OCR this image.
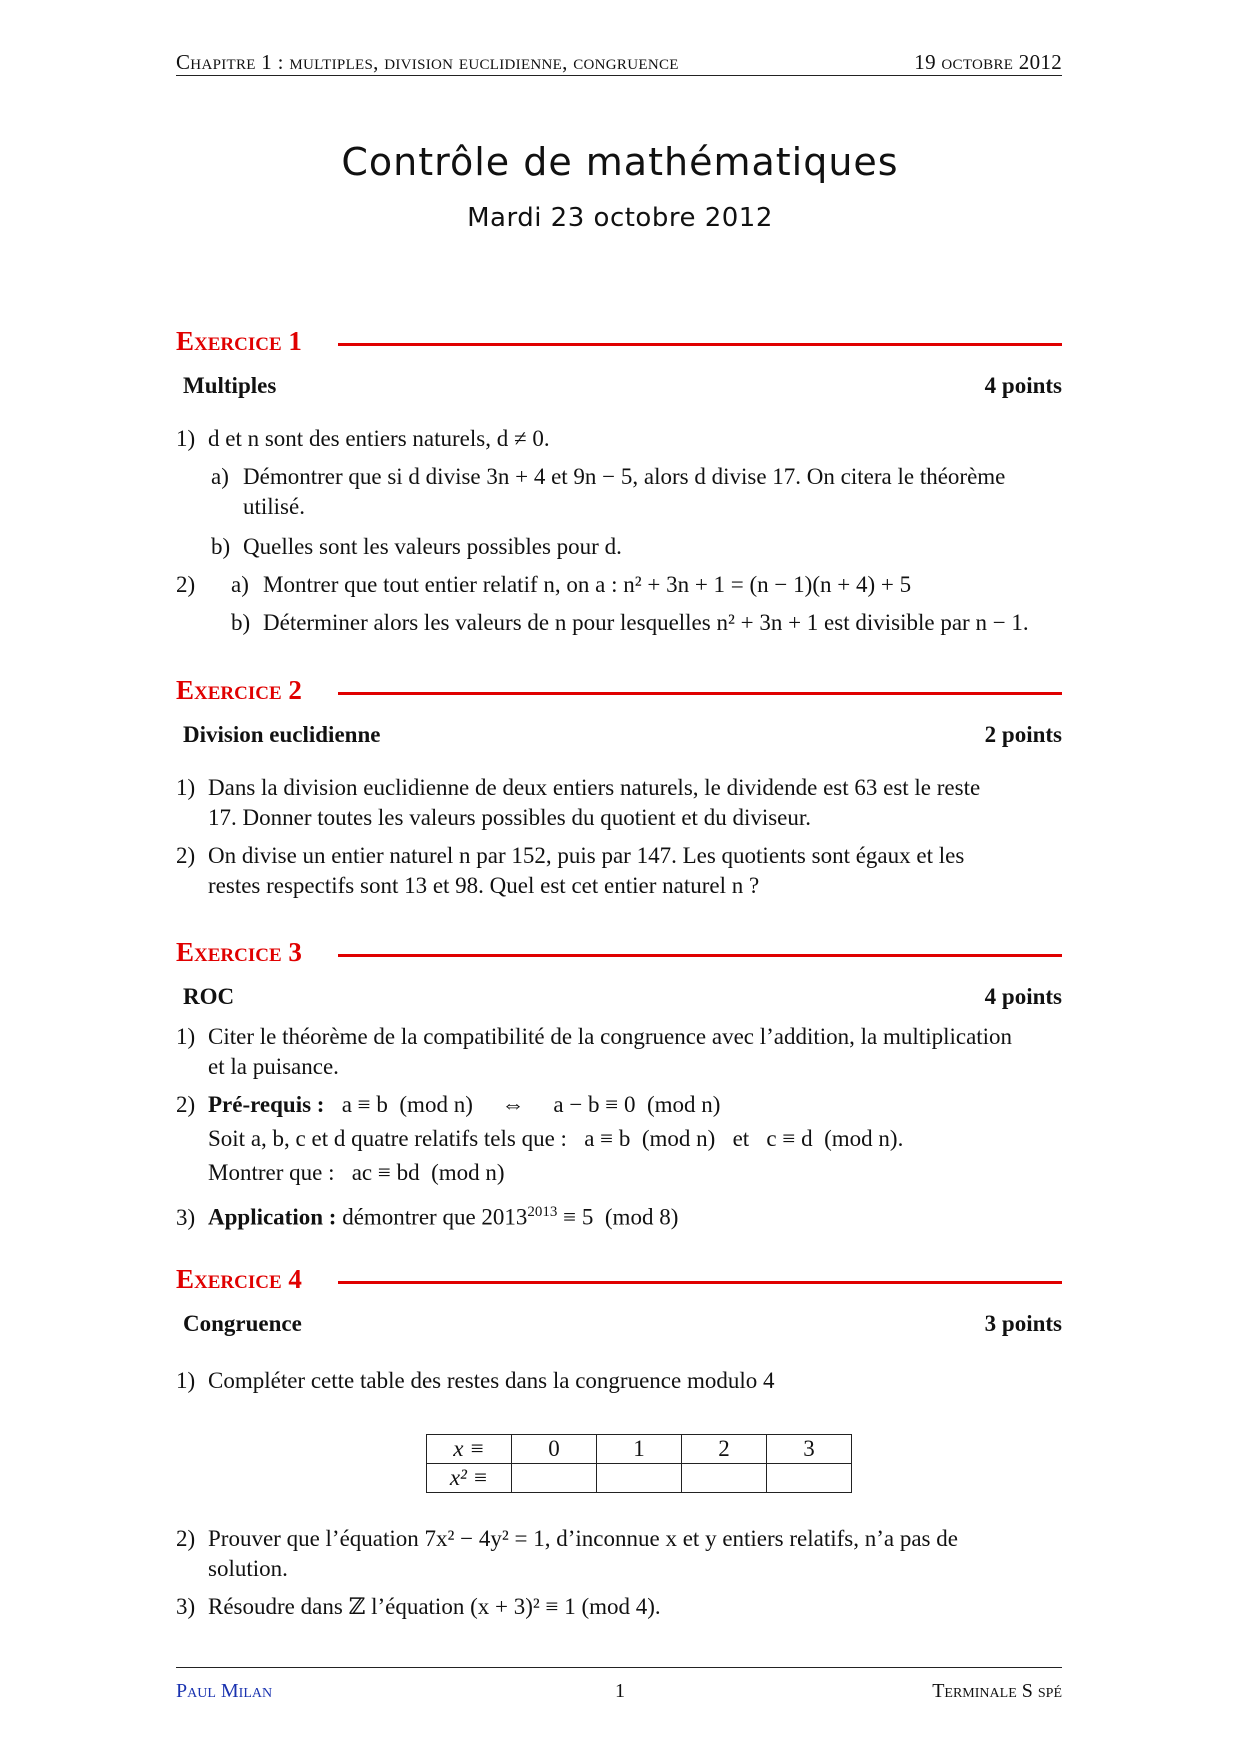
Chapitre 1 : multiples, division euclidienne, congruence	19 octobre 2012
Contrôle de mathématiques
Mardi 23 octobre 2012
Exercice 1
Multiples	4 points
1) d et n sont des entiers naturels, d ≠ 0.
a) Démontrer que si d divise 3n + 4 et 9n − 5, alors d divise 17. On citera le théorème
utilisé.
b) Quelles sont les valeurs possibles pour d.
2) a) Montrer que tout entier relatif n, on a : n² + 3n + 1 = (n − 1)(n + 4) + 5
b) Déterminer alors les valeurs de n pour lesquelles n² + 3n + 1 est divisible par n − 1.
Exercice 2
Division euclidienne	2 points
1) Dans la division euclidienne de deux entiers naturels, le dividende est 63 est le reste
17. Donner toutes les valeurs possibles du quotient et du diviseur.
2) On divise un entier naturel n par 152, puis par 147. Les quotients sont égaux et les
restes respectifs sont 13 et 98. Quel est cet entier naturel n ?
Exercice 3
ROC	4 points
1) Citer le théorème de la compatibilité de la congruence avec l’addition, la multiplication
et la puisance.
2) Pré-requis : a ≡ b  (mod n)     ⇔     a − b ≡ 0  (mod n)
Soit a, b, c et d quatre relatifs tels que :   a ≡ b  (mod n)   et   c ≡ d  (mod n).
Montrer que :   ac ≡ bd  (mod n)
3) Application : démontrer que $2013^{2013} \equiv 5$  (mod 8)
Exercice 4
Congruence	3 points
1) Compléter cette table des restes dans la congruence modulo 4
x ≡	0	1	2	3
x² ≡				
2) Prouver que l’équation 7x² − 4y² = 1, d’inconnue x et y entiers relatifs, n’a pas de
solution.
3) Résoudre dans ℤ l’équation (x + 3)² ≡ 1 (mod 4).
Paul Milan	1	Terminale S spé
